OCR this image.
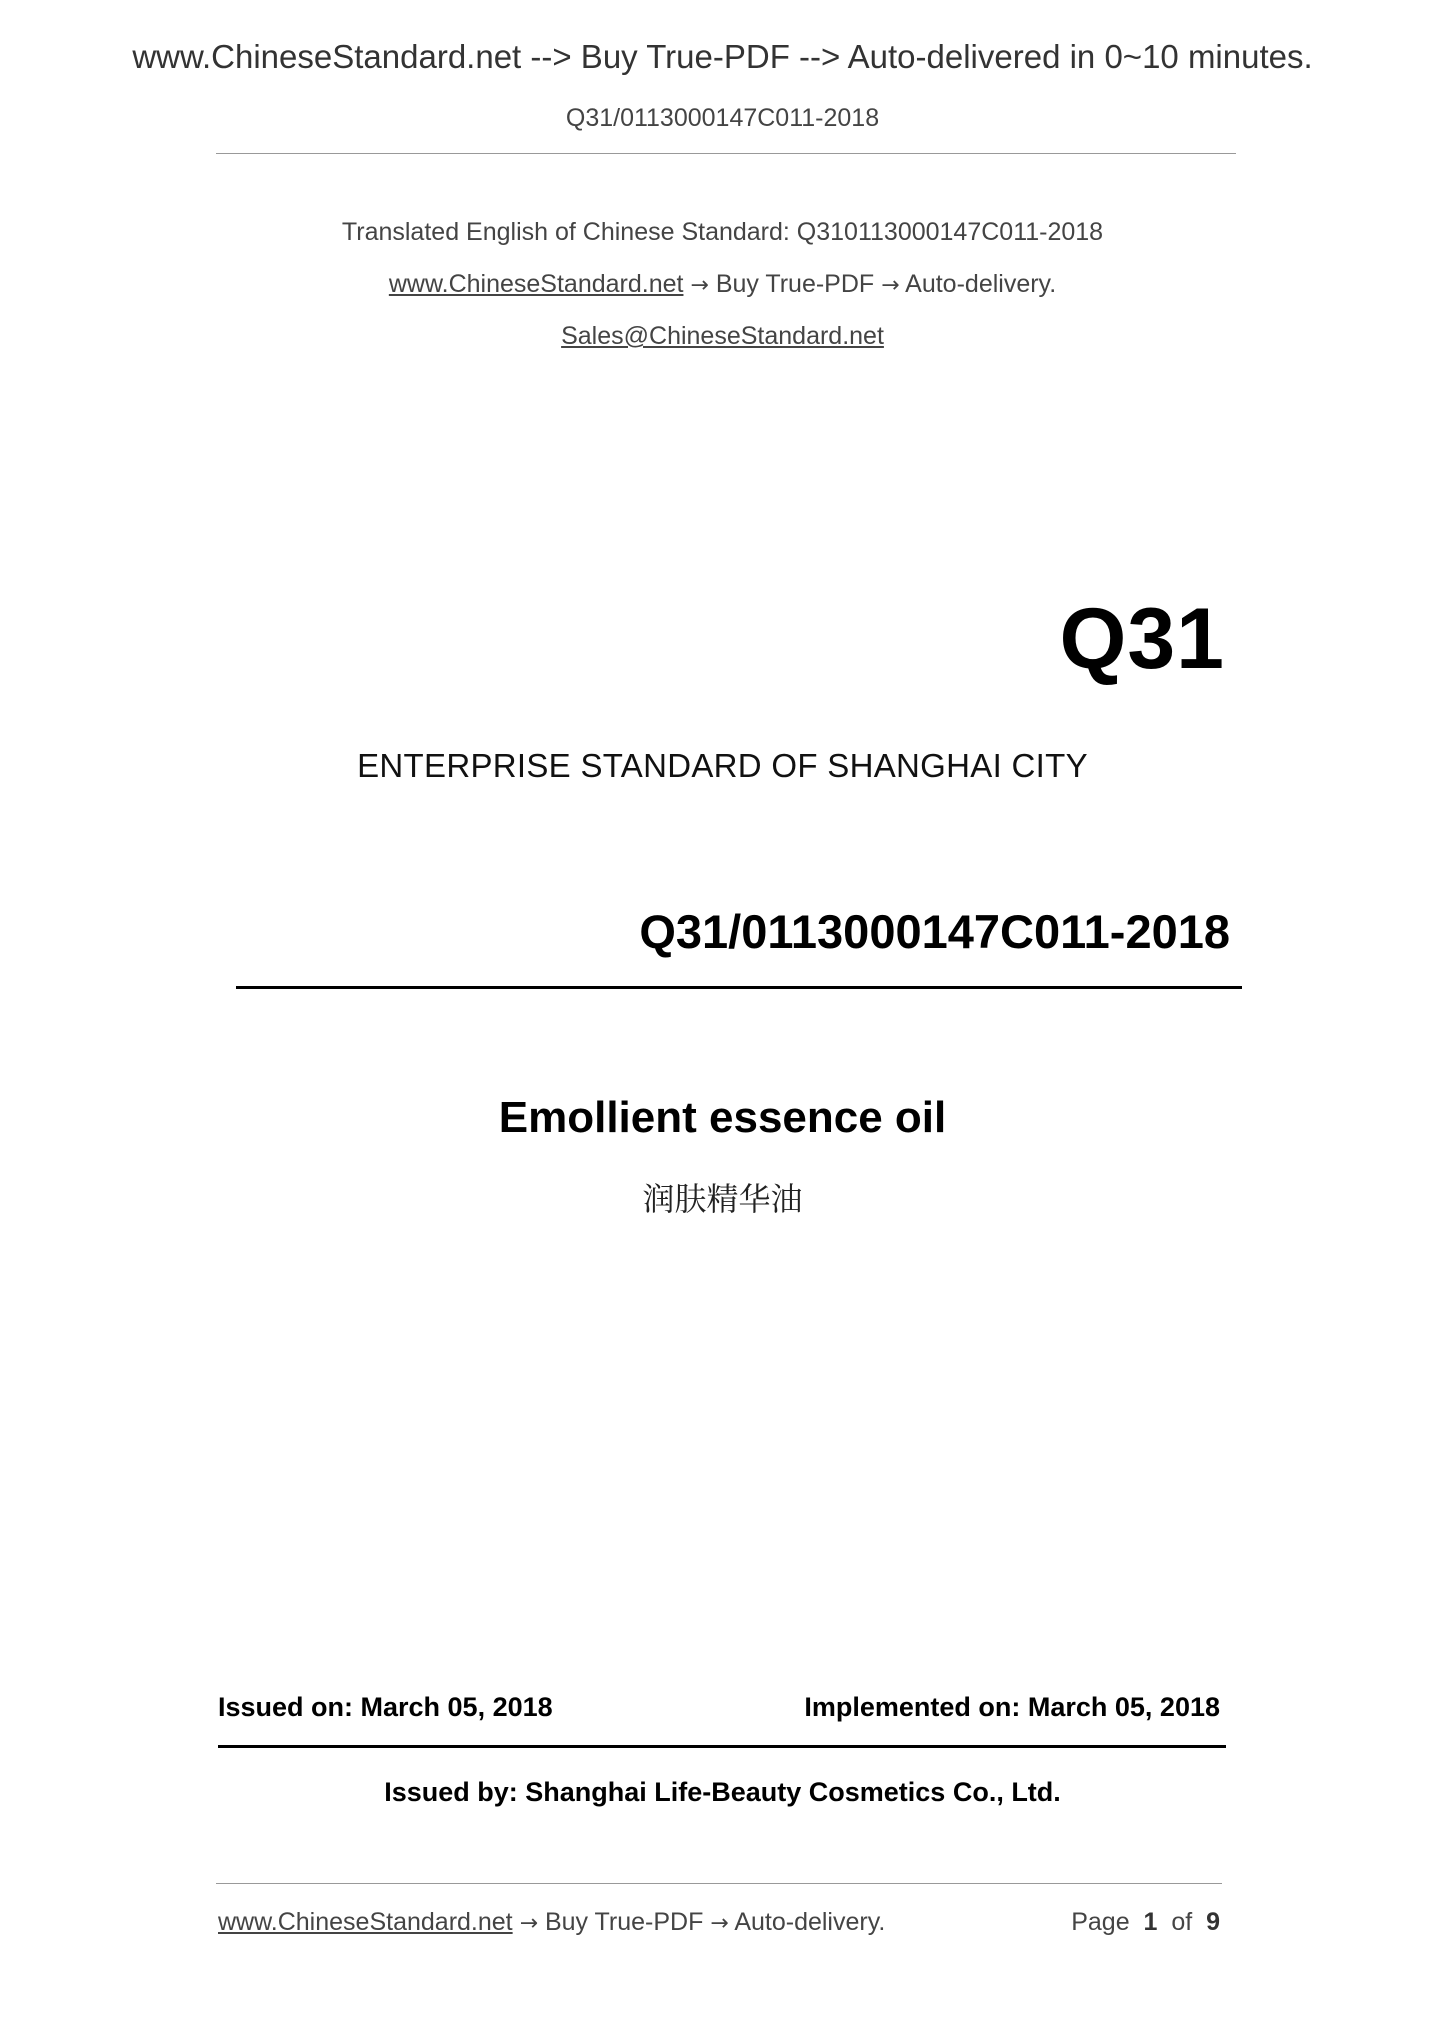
www.ChineseStandard.net --> Buy True-PDF --> Auto-delivered in 0~10 minutes.
Q31/0113000147C011-2018
Translated English of Chinese Standard: Q310113000147C011-2018
www.ChineseStandard.net → Buy True-PDF → Auto-delivery.
Sales@ChineseStandard.net
Q31
ENTERPRISE STANDARD OF SHANGHAI CITY
Q31/0113000147C011-2018
Emollient essence oil
润肤精华油
Issued on: March 05, 2018	Implemented on: March 05, 2018
Issued by: Shanghai Life-Beauty Cosmetics Co., Ltd.
www.ChineseStandard.net → Buy True-PDF → Auto-delivery.	Page 1 of 9
